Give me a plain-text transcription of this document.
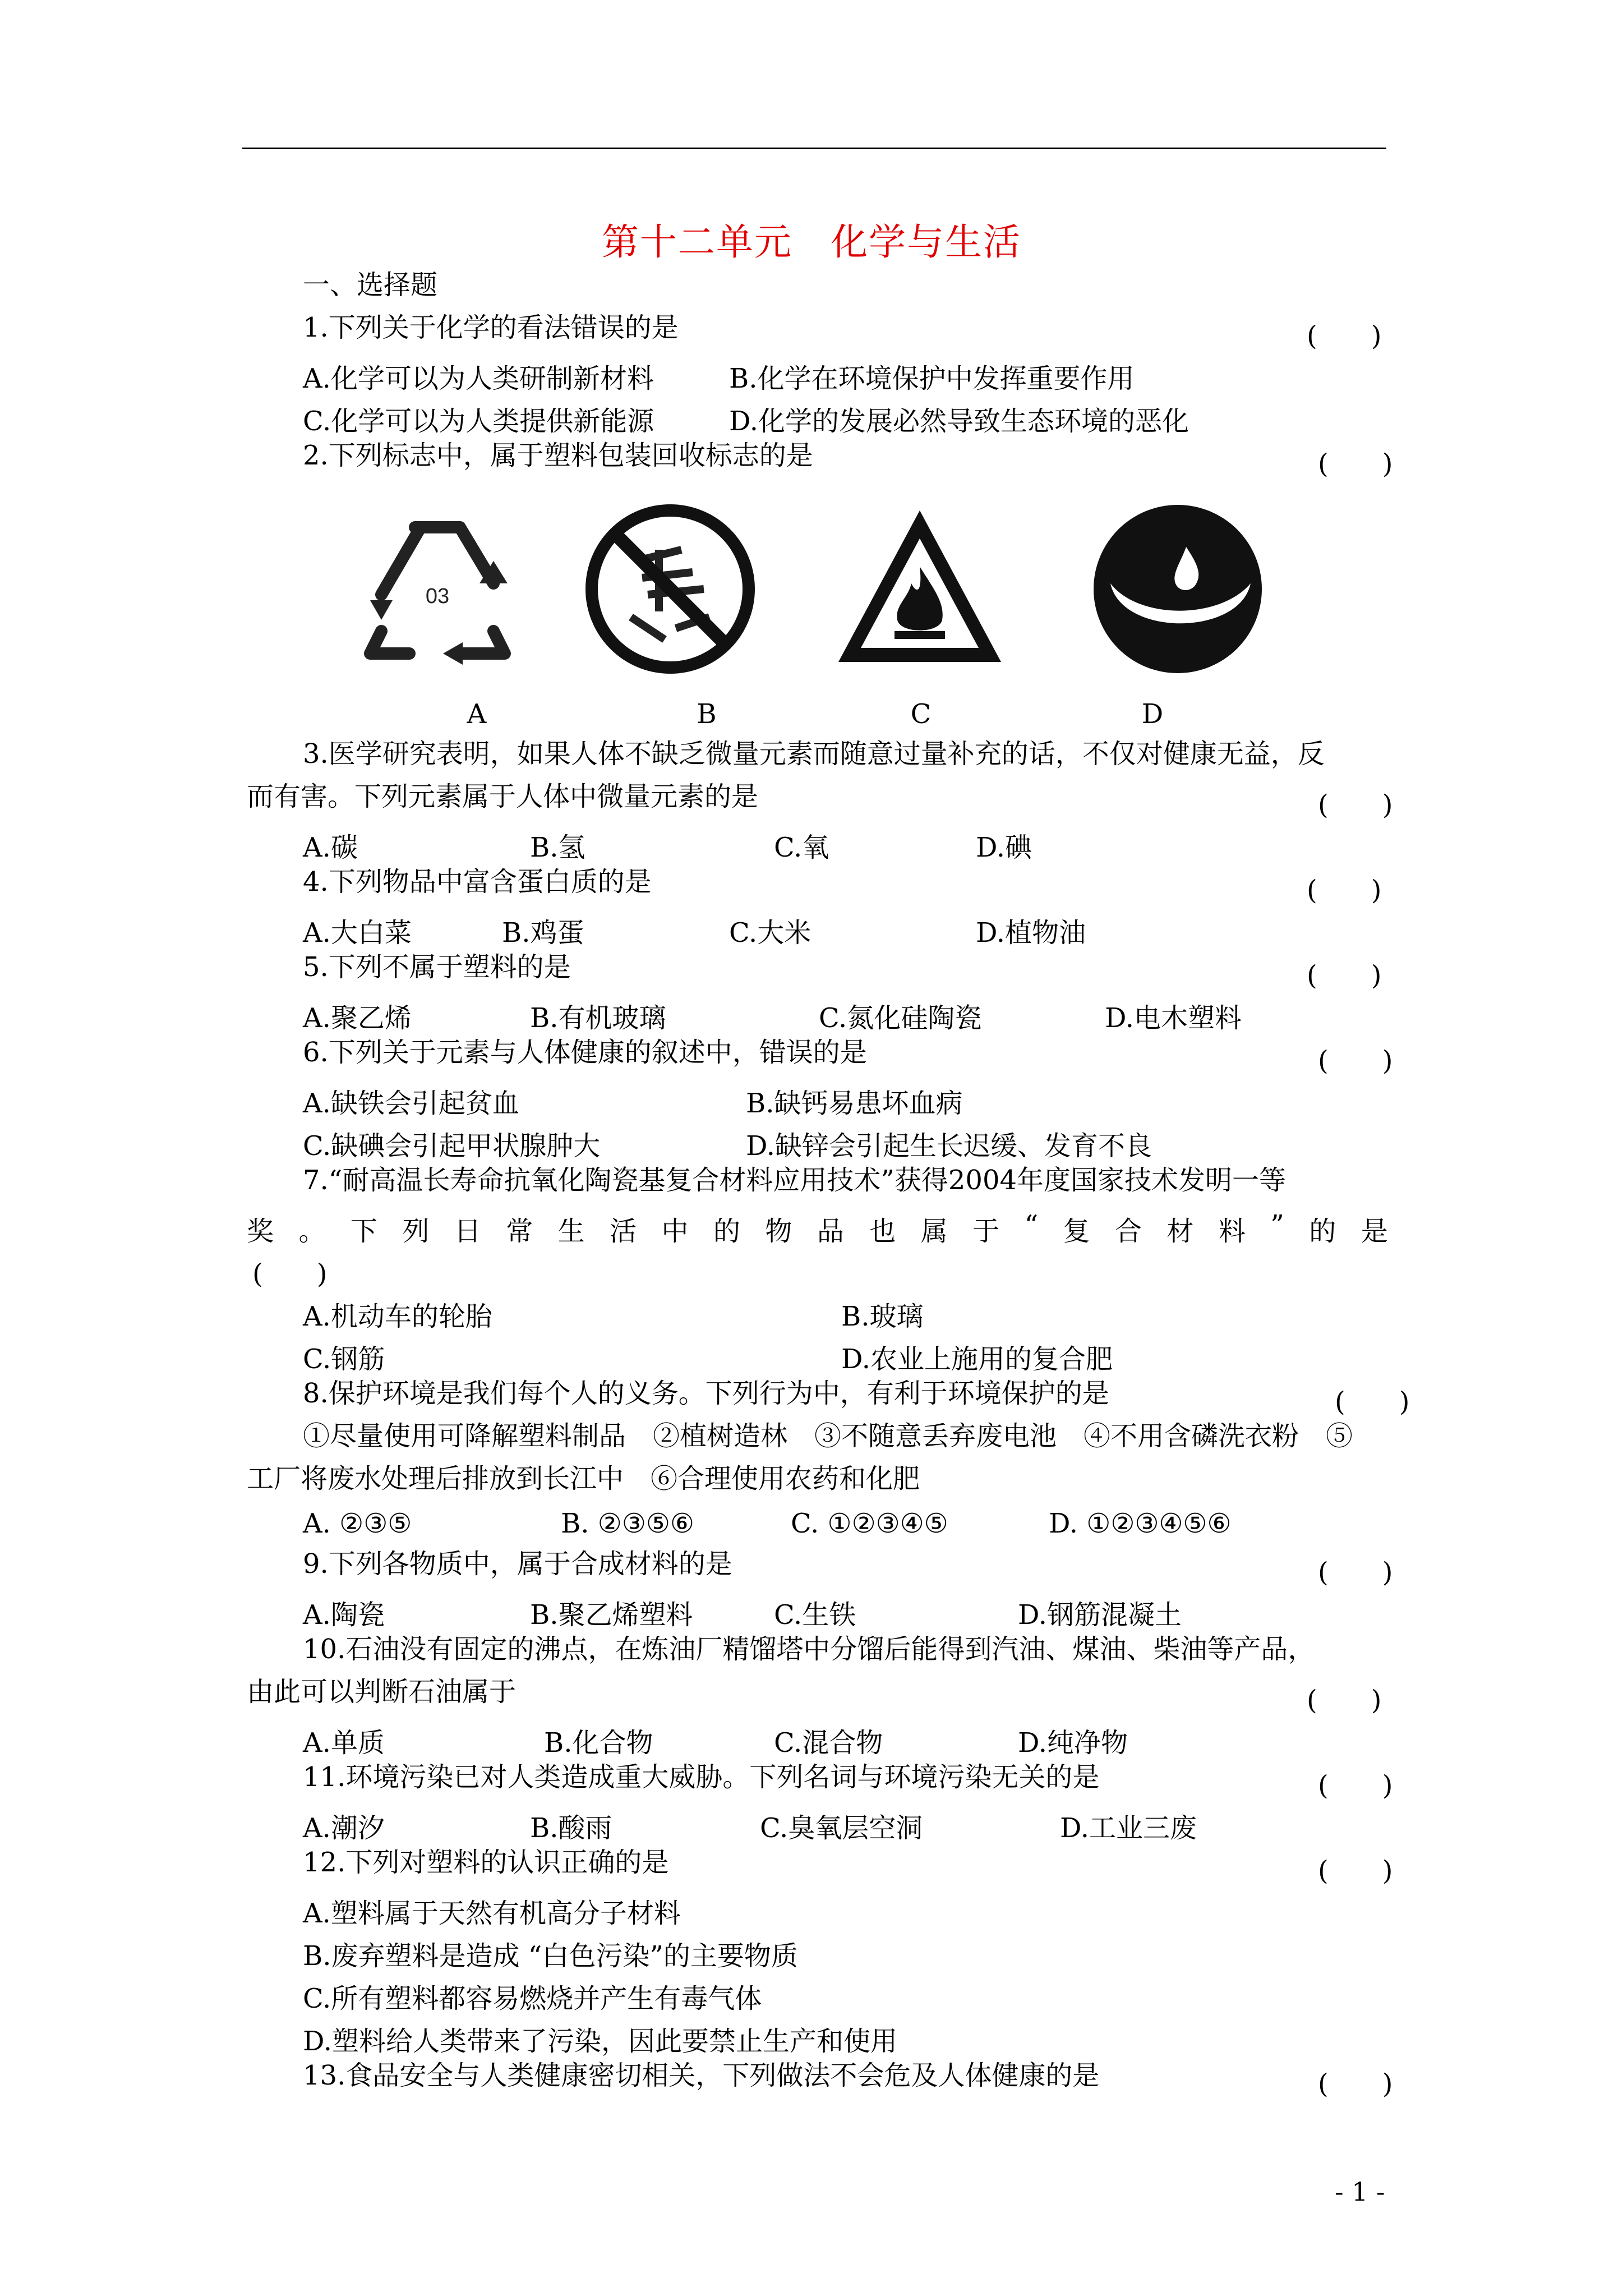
第十二单元　化学与生活
一、选择题
1.下列关于化学的看法错误的是	(　　)
A.化学可以为人类研制新材料	B.化学在环境保护中发挥重要作用
C.化学可以为人类提供新能源	D.化学的发展必然导致生态环境的恶化
2.下列标志中，属于塑料包装回收标志的是	(　　)
03
A	B	C	D
3.医学研究表明，如果人体不缺乏微量元素而随意过量补充的话，不仅对健康无益，反
而有害。下列元素属于人体中微量元素的是	(　　)
A.碳	B.氢	C.氧	D.碘
4.下列物品中富含蛋白质的是	(　　)
A.大白菜	B.鸡蛋	C.大米	D.植物油
5.下列不属于塑料的是	(　　)
A.聚乙烯	B.有机玻璃	C.氮化硅陶瓷	D.电木塑料
6.下列关于元素与人体健康的叙述中，错误的是	(　　)
A.缺铁会引起贫血	B.缺钙易患坏血病
C.缺碘会引起甲状腺肿大	D.缺锌会引起生长迟缓、发育不良
7.“耐高温长寿命抗氧化陶瓷基复合材料应用技术”获得2004年度国家技术发明一等
奖 。 下 列 日 常 生 活 中 的 物 品 也 属 于 “ 复 合 材 料 ” 的 是
(　　)
A.机动车的轮胎	B.玻璃
C.钢筋	D.农业上施用的复合肥
8.保护环境是我们每个人的义务。下列行为中，有利于环境保护的是	(　　)
①尽量使用可降解塑料制品　②植树造林　③不随意丢弃废电池　④不用含磷洗衣粉　⑤
工厂将废水处理后排放到长江中　⑥合理使用农药和化肥
A. ②③⑤	B. ②③⑤⑥	C. ①②③④⑤	D. ①②③④⑤⑥
9.下列各物质中，属于合成材料的是	(　　)
A.陶瓷	B.聚乙烯塑料	C.生铁	D.钢筋混凝土
10.石油没有固定的沸点，在炼油厂精馏塔中分馏后能得到汽油、煤油、柴油等产品，
由此可以判断石油属于	(　　)
A.单质	B.化合物	C.混合物	D.纯净物
11.环境污染已对人类造成重大威胁。下列名词与环境污染无关的是	(　　)
A.潮汐	B.酸雨	C.臭氧层空洞	D.工业三废
12.下列对塑料的认识正确的是	(　　)
A.塑料属于天然有机高分子材料
B.废弃塑料是造成 “白色污染”的主要物质
C.所有塑料都容易燃烧并产生有毒气体
D.塑料给人类带来了污染，因此要禁止生产和使用
13.食品安全与人类健康密切相关，下列做法不会危及人体健康的是	(　　)
- 1 -
